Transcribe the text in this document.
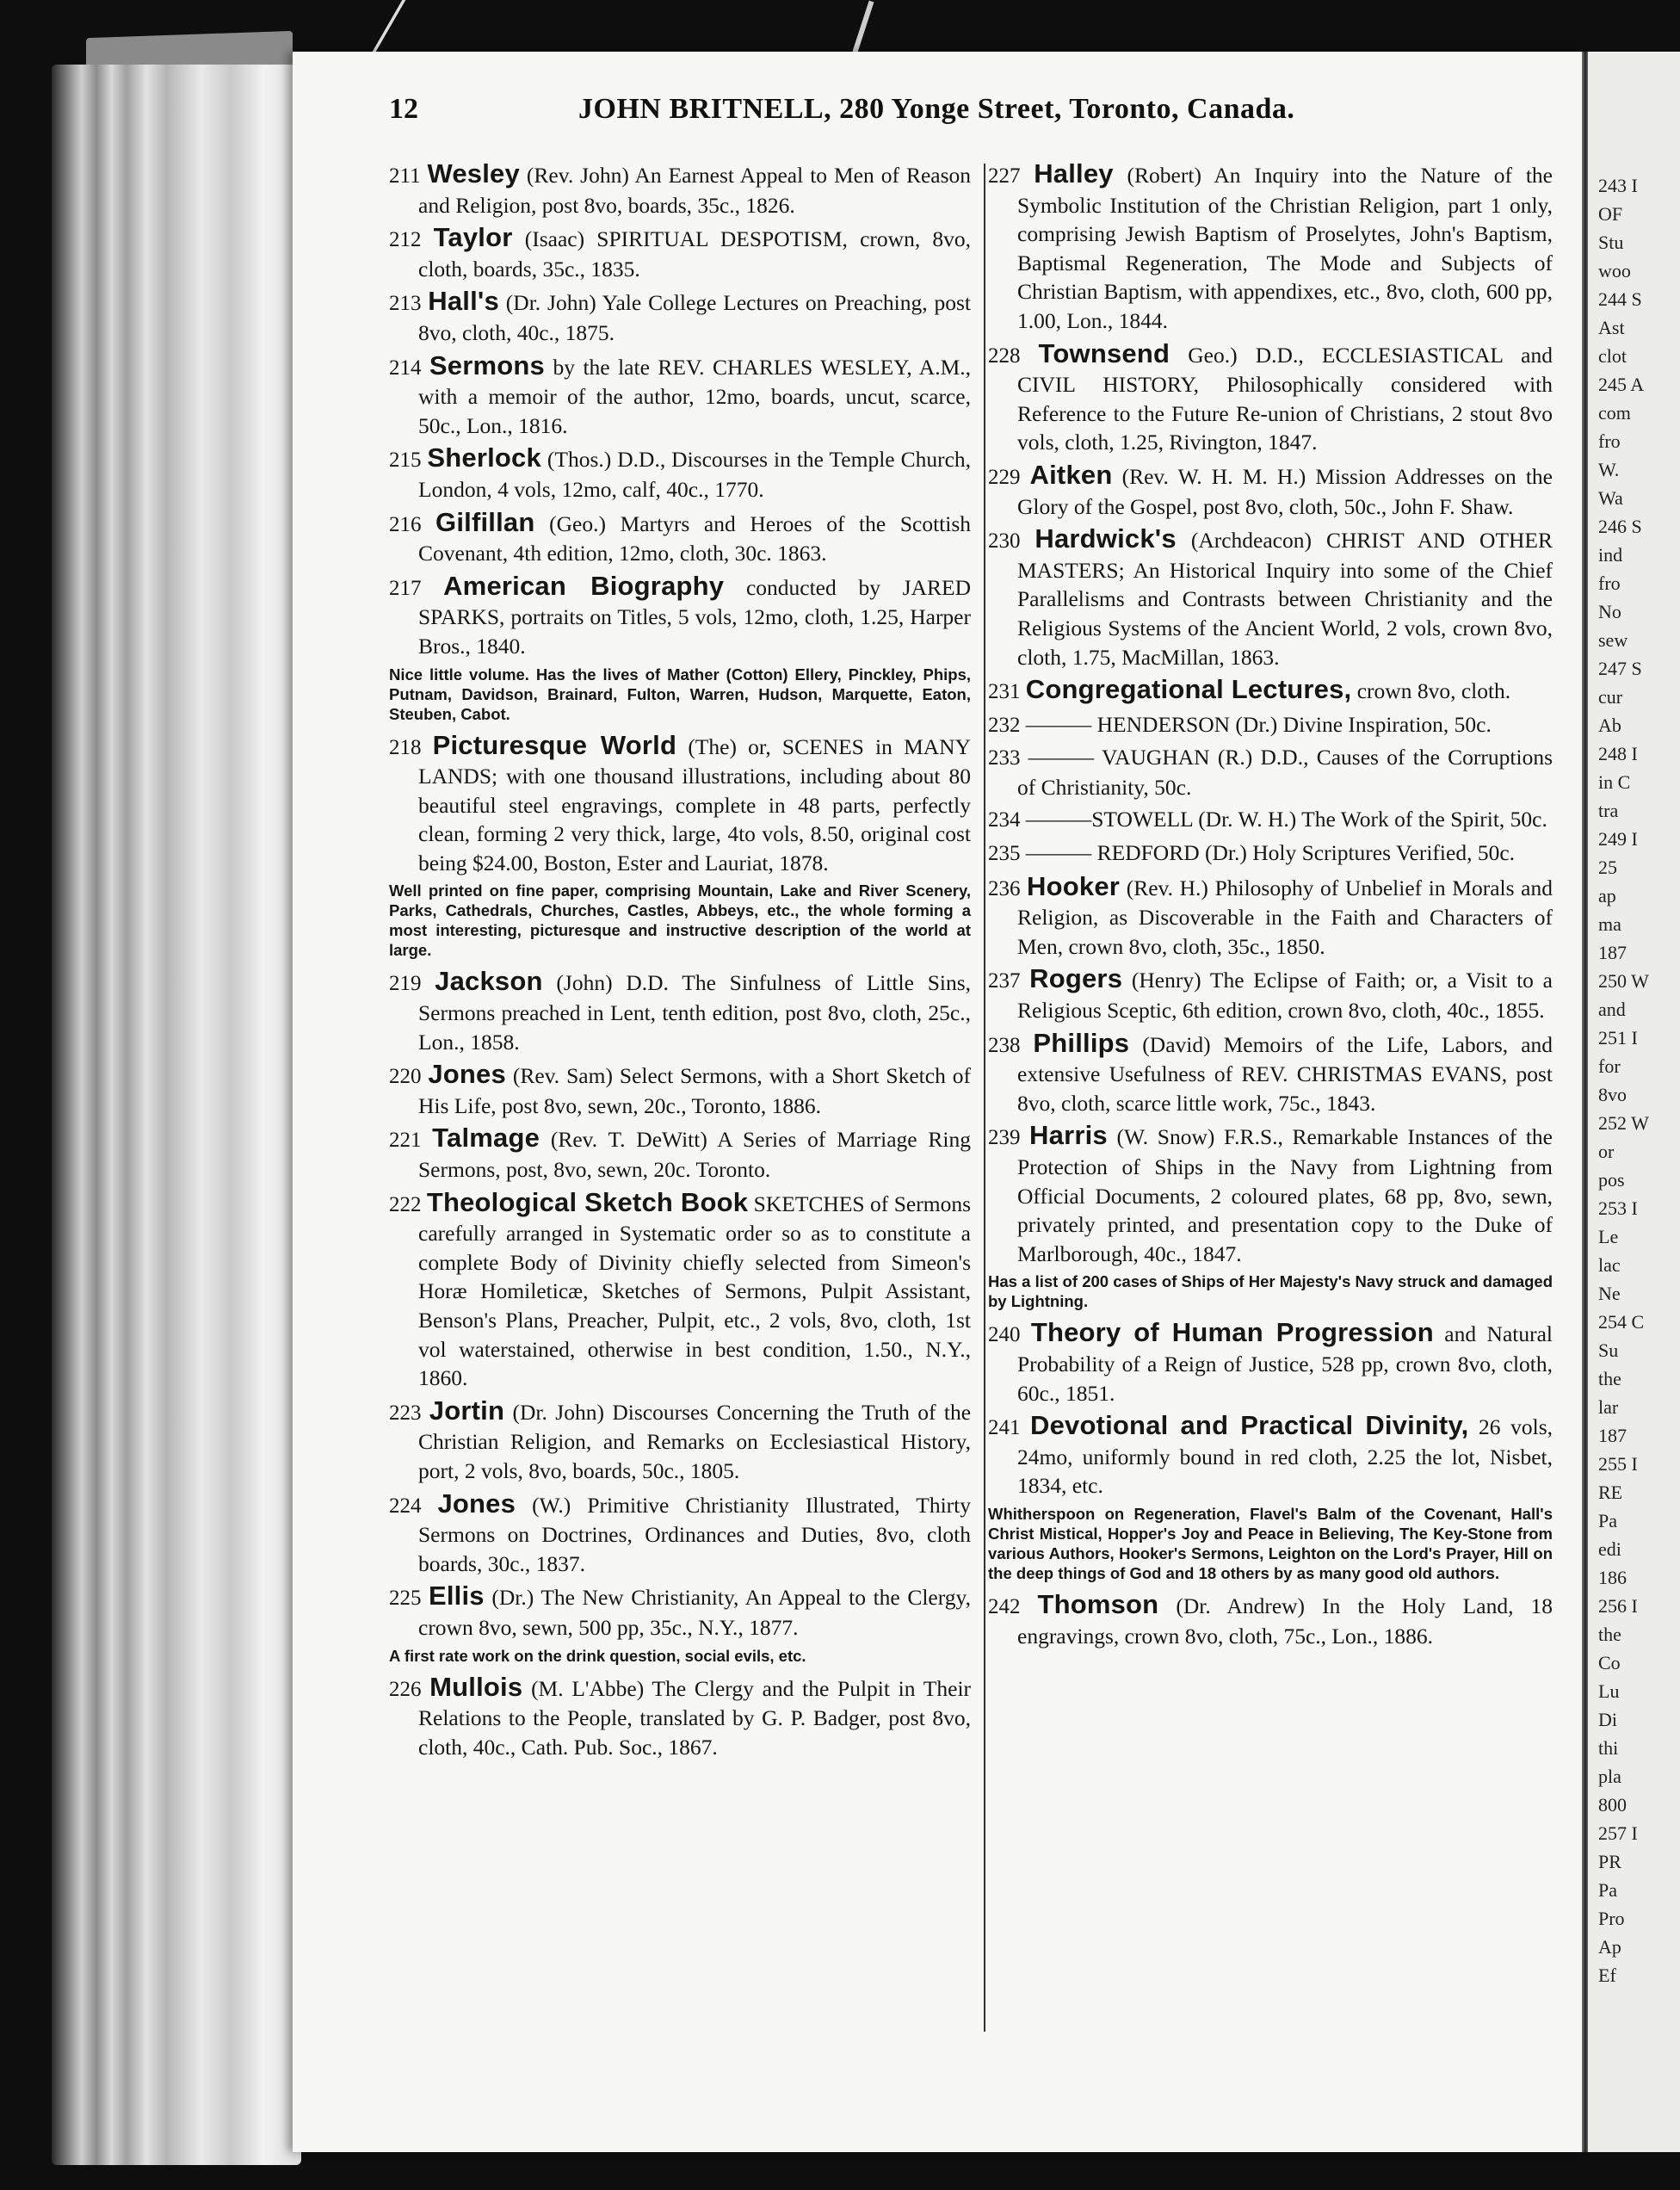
243 I
OF
Stu
woo
244 S
Ast
clot
245 A
com
fro
W.
Wa
246 S
ind
fro
No
sew
247 S
cur
Ab
248 I
in C
tra
249 I
25
ap
ma
187
250 W
and
251 I
for
8vo
252 W
or
pos
253 I
Le
lac
Ne
254 C
Su
the
lar
187
255 I
RE
Pa
edi
186
256 I
the
Co
Lu
Di
thi
pla
800
257 I
PR
Pa
Pro
Ap
Ef
12	JOHN BRITNELL, 280 Yonge Street, Toronto, Canada.

211 Wesley (Rev. John) An Earnest Appeal to Men of Reason and Religion, post 8vo, boards, 35c., 1826.

212 Taylor (Isaac) SPIRITUAL DESPOTISM, crown, 8vo, cloth, boards, 35c., 1835.

213 Hall's (Dr. John) Yale College Lectures on Preaching, post 8vo, cloth, 40c., 1875.

214 Sermons by the late REV. CHARLES WESLEY, A.M., with a memoir of the author, 12mo, boards, uncut, scarce, 50c., Lon., 1816.

215 Sherlock (Thos.) D.D., Discourses in the Temple Church, London, 4 vols, 12mo, calf, 40c., 1770.

216 Gilfillan (Geo.) Martyrs and Heroes of the Scottish Covenant, 4th edition, 12mo, cloth, 30c. 1863.

217 American Biography conducted by JARED SPARKS, portraits on Titles, 5 vols, 12mo, cloth, 1.25, Harper Bros., 1840.

Nice little volume. Has the lives of Mather (Cotton) Ellery, Pinckley, Phips, Putnam, Davidson, Brainard, Fulton, Warren, Hudson, Marquette, Eaton, Steuben, Cabot.

218 Picturesque World (The) or, SCENES in MANY LANDS; with one thousand illustrations, including about 80 beautiful steel engravings, complete in 48 parts, perfectly clean, forming 2 very thick, large, 4to vols, 8.50, original cost being $24.00, Boston, Ester and Lauriat, 1878.

Well printed on fine paper, comprising Mountain, Lake and River Scenery, Parks, Cathedrals, Churches, Castles, Abbeys, etc., the whole forming a most interesting, picturesque and instructive description of the world at large.

219 Jackson (John) D.D. The Sinfulness of Little Sins, Sermons preached in Lent, tenth edition, post 8vo, cloth, 25c., Lon., 1858.

220 Jones (Rev. Sam) Select Sermons, with a Short Sketch of His Life, post 8vo, sewn, 20c., Toronto, 1886.

221 Talmage (Rev. T. DeWitt) A Series of Marriage Ring Sermons, post, 8vo, sewn, 20c. Toronto.

222 Theological Sketch Book SKETCHES of Sermons carefully arranged in Systematic order so as to constitute a complete Body of Divinity chiefly selected from Simeon's Horæ Homileticæ, Sketches of Sermons, Pulpit Assistant, Benson's Plans, Preacher, Pulpit, etc., 2 vols, 8vo, cloth, 1st vol waterstained, otherwise in best condition, 1.50., N.Y., 1860.

223 Jortin (Dr. John) Discourses Concerning the Truth of the Christian Religion, and Remarks on Ecclesiastical History, port, 2 vols, 8vo, boards, 50c., 1805.

224 Jones (W.) Primitive Christianity Illustrated, Thirty Sermons on Doctrines, Ordinances and Duties, 8vo, cloth boards, 30c., 1837.

225 Ellis (Dr.) The New Christianity, An Appeal to the Clergy, crown 8vo, sewn, 500 pp, 35c., N.Y., 1877.

A first rate work on the drink question, social evils, etc.

226 Mullois (M. L'Abbe) The Clergy and the Pulpit in Their Relations to the People, translated by G. P. Badger, post 8vo, cloth, 40c., Cath. Pub. Soc., 1867.

227 Halley (Robert) An Inquiry into the Nature of the Symbolic Institution of the Christian Religion, part 1 only, comprising Jewish Baptism of Proselytes, John's Baptism, Baptismal Regeneration, The Mode and Subjects of Christian Baptism, with appendixes, etc., 8vo, cloth, 600 pp, 1.00, Lon., 1844.

228 Townsend Geo.) D.D., ECCLESIASTICAL and CIVIL HISTORY, Philosophically considered with Reference to the Future Re-union of Christians, 2 stout 8vo vols, cloth, 1.25, Rivington, 1847.

229 Aitken (Rev. W. H. M. H.) Mission Addresses on the Glory of the Gospel, post 8vo, cloth, 50c., John F. Shaw.

230 Hardwick's (Archdeacon) CHRIST AND OTHER MASTERS; An Historical Inquiry into some of the Chief Parallelisms and Contrasts between Christianity and the Religious Systems of the Ancient World, 2 vols, crown 8vo, cloth, 1.75, MacMillan, 1863.

231 Congregational Lectures, crown 8vo, cloth.

232 ——— HENDERSON (Dr.) Divine Inspiration, 50c.

233 ——— VAUGHAN (R.) D.D., Causes of the Corruptions of Christianity, 50c.

234 ———STOWELL (Dr. W. H.) The Work of the Spirit, 50c.

235 ——— REDFORD (Dr.) Holy Scriptures Verified, 50c.

236 Hooker (Rev. H.) Philosophy of Unbelief in Morals and Religion, as Discoverable in the Faith and Characters of Men, crown 8vo, cloth, 35c., 1850.

237 Rogers (Henry) The Eclipse of Faith; or, a Visit to a Religious Sceptic, 6th edition, crown 8vo, cloth, 40c., 1855.

238 Phillips (David) Memoirs of the Life, Labors, and extensive Usefulness of REV. CHRISTMAS EVANS, post 8vo, cloth, scarce little work, 75c., 1843.

239 Harris (W. Snow) F.R.S., Remarkable Instances of the Protection of Ships in the Navy from Lightning from Official Documents, 2 coloured plates, 68 pp, 8vo, sewn, privately printed, and presentation copy to the Duke of Marlborough, 40c., 1847.

Has a list of 200 cases of Ships of Her Majesty's Navy struck and damaged by Lightning.

240 Theory of Human Progression and Natural Probability of a Reign of Justice, 528 pp, crown 8vo, cloth, 60c., 1851.

241 Devotional and Practical Divinity, 26 vols, 24mo, uniformly bound in red cloth, 2.25 the lot, Nisbet, 1834, etc.

Whitherspoon on Regeneration, Flavel's Balm of the Covenant, Hall's Christ Mistical, Hopper's Joy and Peace in Believing, The Key-Stone from various Authors, Hooker's Sermons, Leighton on the Lord's Prayer, Hill on the deep things of God and 18 others by as many good old authors.

242 Thomson (Dr. Andrew) In the Holy Land, 18 engravings, crown 8vo, cloth, 75c., Lon., 1886.
